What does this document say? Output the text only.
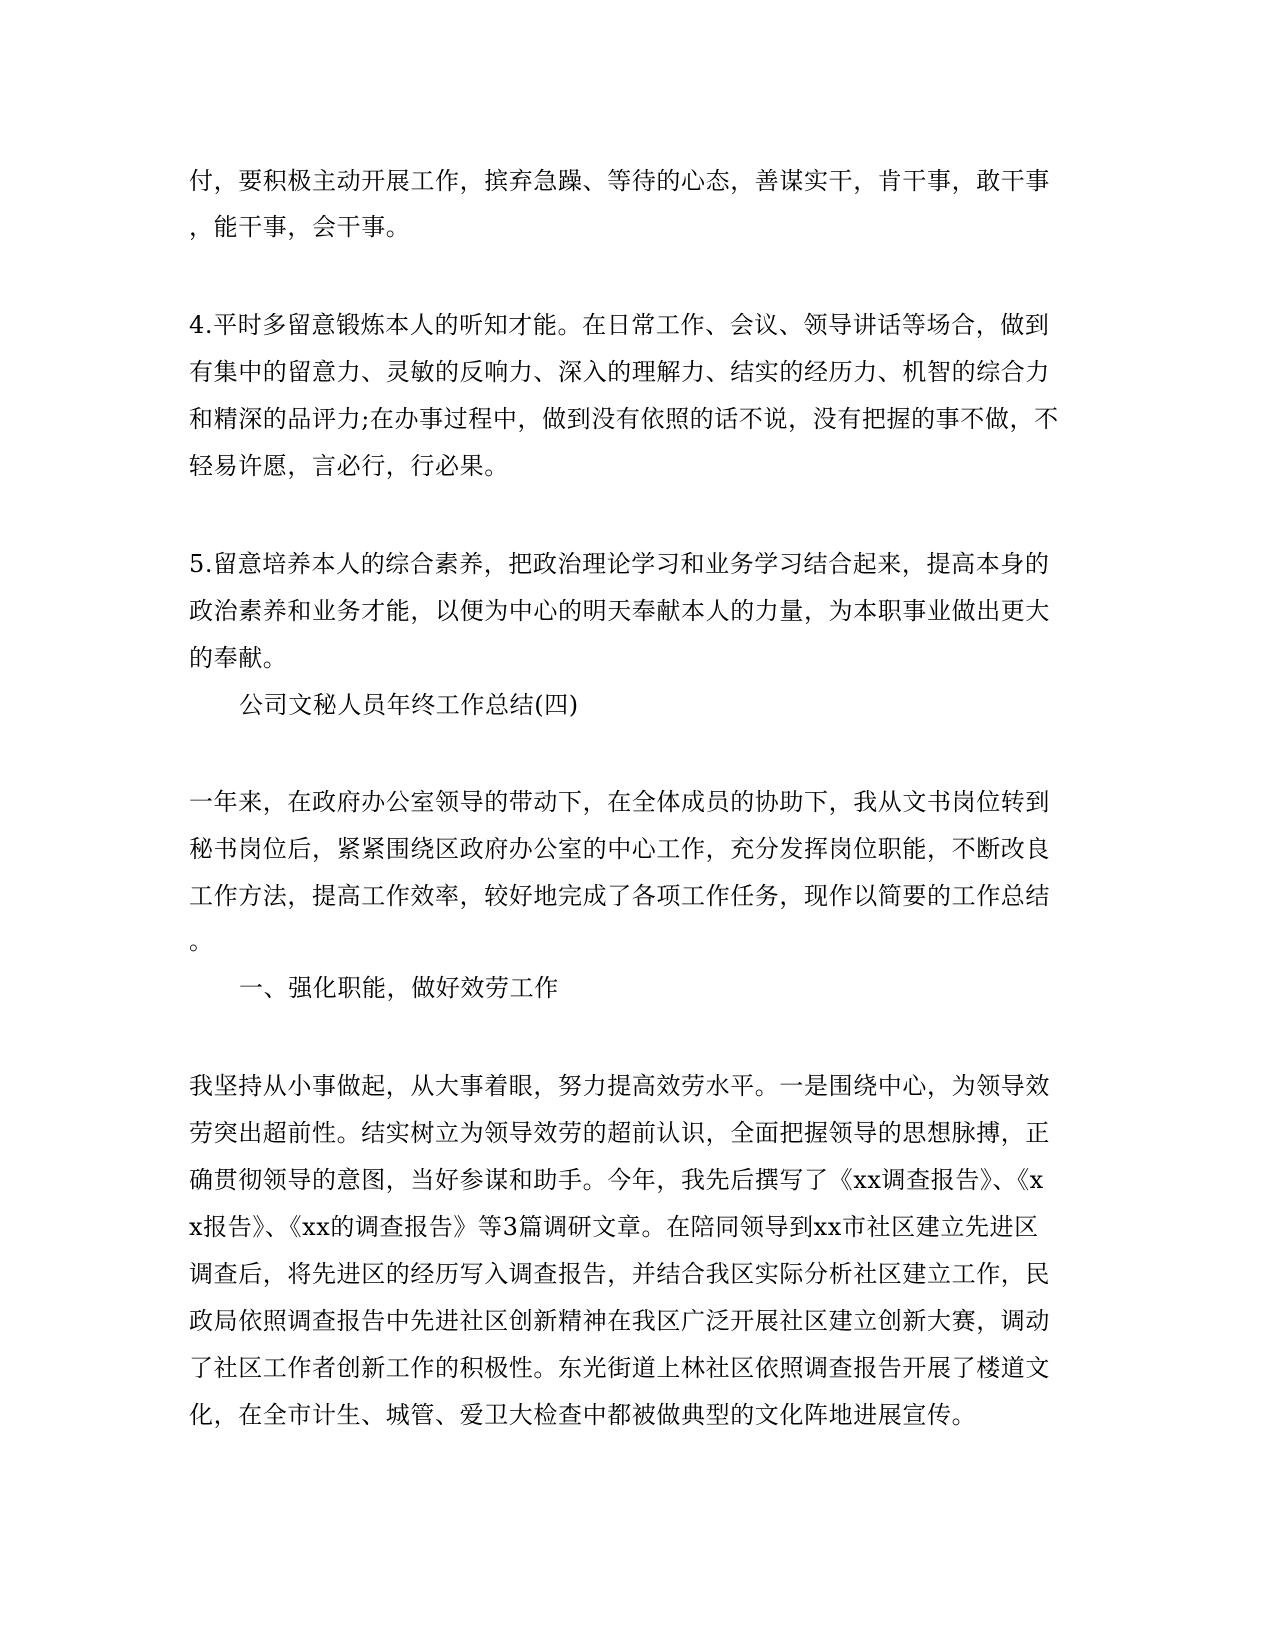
付，要积极主动开展工作，摈弃急躁、等待的心态，善谋实干，肯干事，敢干事
，能干事，会干事。
4.平时多留意锻炼本人的听知才能。在日常工作、会议、领导讲话等场合，做到
有集中的留意力、灵敏的反响力、深入的理解力、结实的经历力、机智的综合力
和精深的品评力;在办事过程中，做到没有依照的话不说，没有把握的事不做，不
轻易许愿，言必行，行必果。
5.留意培养本人的综合素养，把政治理论学习和业务学习结合起来，提高本身的
政治素养和业务才能，以便为中心的明天奉献本人的力量，为本职事业做出更大
的奉献。
公司文秘人员年终工作总结(四)
一年来，在政府办公室领导的带动下，在全体成员的协助下，我从文书岗位转到
秘书岗位后，紧紧围绕区政府办公室的中心工作，充分发挥岗位职能，不断改良
工作方法，提高工作效率，较好地完成了各项工作任务，现作以简要的工作总结
。
一、强化职能，做好效劳工作
我坚持从小事做起，从大事着眼，努力提高效劳水平。一是围绕中心，为领导效
劳突出超前性。结实树立为领导效劳的超前认识，全面把握领导的思想脉搏，正
确贯彻领导的意图，当好参谋和助手。今年，我先后撰写了《xx调查报告》、《x
x报告》、《xx的调查报告》等3篇调研文章。在陪同领导到xx市社区建立先进区
调查后，将先进区的经历写入调查报告，并结合我区实际分析社区建立工作，民
政局依照调查报告中先进社区创新精神在我区广泛开展社区建立创新大赛，调动
了社区工作者创新工作的积极性。东光街道上林社区依照调查报告开展了楼道文
化，在全市计生、城管、爱卫大检查中都被做典型的文化阵地进展宣传。
